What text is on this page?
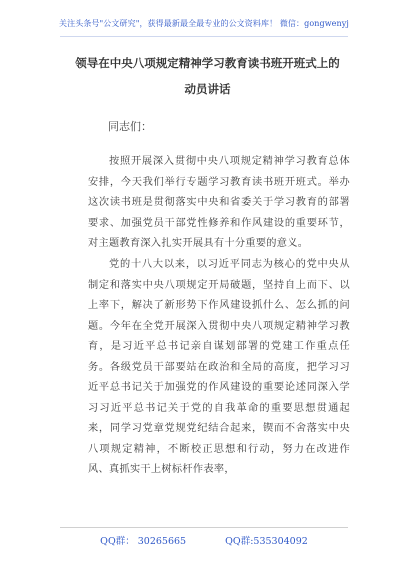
关注头条号"公文研究"，获得最新最全最专业的公文资料库！ 微信：gongwenyj
领导在中央八项规定精神学习教育读书班开班式上的动员讲话
同志们：
按照开展深入贯彻中央八项规定精神学习教育总体安排，今天我们举行专题学习教育读书班开班式。举办这次读书班是贯彻落实中央和省委关于学习教育的部署要求、加强党员干部党性修养和作风建设的重要环节，对主题教育深入扎实开展具有十分重要的意义。
党的十八大以来，以习近平同志为核心的党中央从制定和落实中央八项规定开局破题，坚持自上而下、以上率下，解决了新形势下作风建设抓什么、怎么抓的问题。今年在全党开展深入贯彻中央八项规定精神学习教育，是习近平总书记亲自谋划部署的党建工作重点任务。各级党员干部要站在政治和全局的高度，把学习习近平总书记关于加强党的作风建设的重要论述同深入学习习近平总书记关于党的自我革命的重要思想贯通起来，同学习党章党规党纪结合起来，锲而不舍落实中央八项规定精神，不断校正思想和行动，努力在改进作风、真抓实干上树标杆作表率，
QQ群： 30265665	QQ群:535304092
